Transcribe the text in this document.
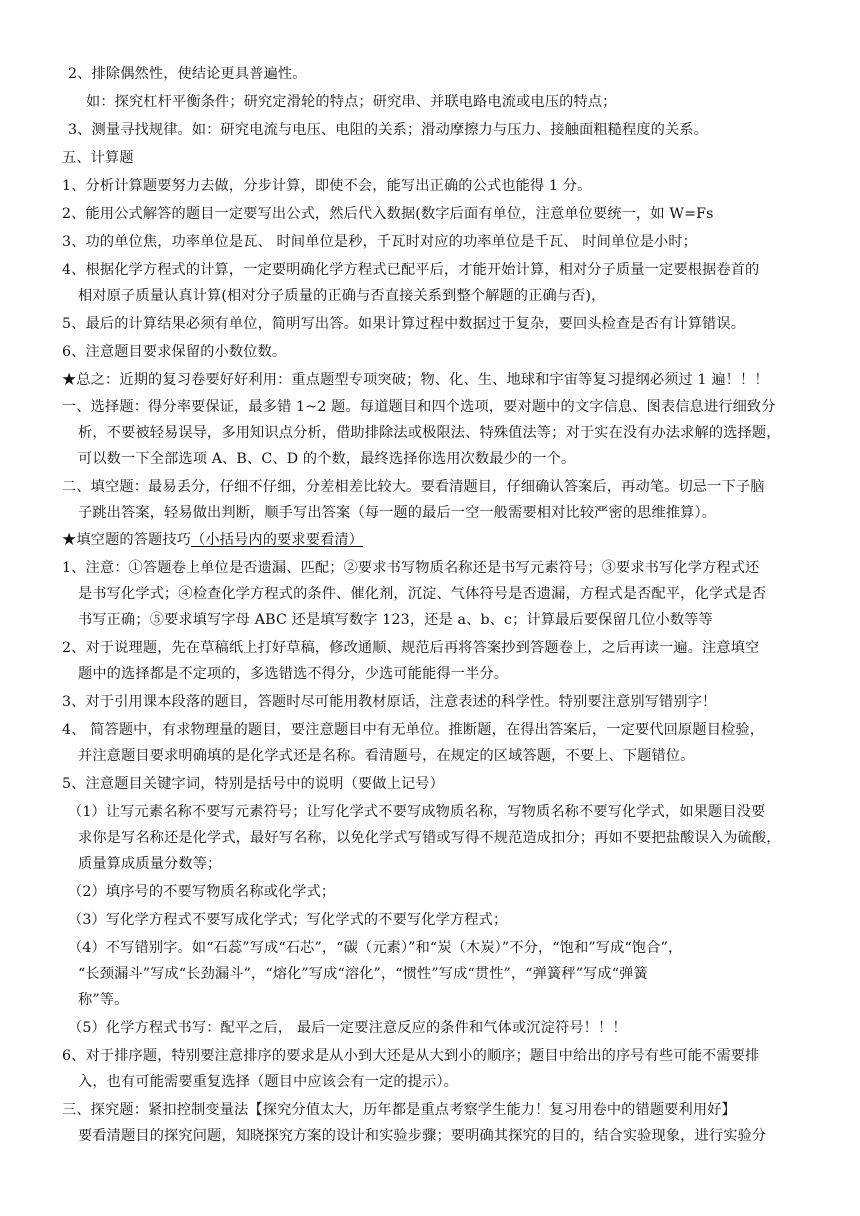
2、排除偶然性，使结论更具普遍性。
如：探究杠杆平衡条件；研究定滑轮的特点；研究串、并联电路电流或电压的特点；
3、测量寻找规律。如：研究电流与电压、电阻的关系；滑动摩擦力与压力、接触面粗糙程度的关系。
五、计算题
1、分析计算题要努力去做，分步计算，即使不会，能写出正确的公式也能得 1 分。
2、能用公式解答的题目一定要写出公式，然后代入数据(数字后面有单位，注意单位要统一，如 W=Fs
3、功的单位焦，功率单位是瓦、 时间单位是秒，千瓦时对应的功率单位是千瓦、 时间单位是小时；
4、根据化学方程式的计算，一定要明确化学方程式已配平后，才能开始计算，相对分子质量一定要根据卷首的
相对原子质量认真计算(相对分子质量的正确与否直接关系到整个解题的正确与否)，
5、最后的计算结果必须有单位，简明写出答。如果计算过程中数据过于复杂，要回头检查是否有计算错误。
6、注意题目要求保留的小数位数。
★总之：近期的复习卷要好好利用：重点题型专项突破；物、化、生、地球和宇宙等复习提纲必须过 1 遍！！！
一、选择题：得分率要保证，最多错 1~2 题。每道题目和四个选项，要对题中的文字信息、图表信息进行细致分
析，不要被轻易误导，多用知识点分析，借助排除法或极限法、特殊值法等；对于实在没有办法求解的选择题，
可以数一下全部选项 A、B、C、D 的个数，最终选择你选用次数最少的一个。
二、填空题：最易丢分，仔细不仔细，分差相差比较大。要看清题目，仔细确认答案后，再动笔。切忌一下子脑
子跳出答案，轻易做出判断，顺手写出答案（每一题的最后一空一般需要相对比较严密的思维推算）。
★填空题的答题技巧（小括号内的要求要看清）
1、注意：①答题卷上单位是否遗漏、匹配；②要求书写物质名称还是书写元素符号；③要求书写化学方程式还
是书写化学式；④检查化学方程式的条件、催化剂，沉淀、气体符号是否遗漏，方程式是否配平，化学式是否
书写正确；⑤要求填写字母 ABC 还是填写数字 123，还是 a、b、c；计算最后要保留几位小数等等
2、对于说理题，先在草稿纸上打好草稿，修改通顺、规范后再将答案抄到答题卷上，之后再读一遍。注意填空
题中的选择都是不定项的，多选错选不得分，少选可能能得一半分。
3、对于引用课本段落的题目，答题时尽可能用教材原话，注意表述的科学性。特别要注意别写错别字！
4、 简答题中，有求物理量的题目，要注意题目中有无单位。推断题，在得出答案后，一定要代回原题目检验，
并注意题目要求明确填的是化学式还是名称。看清题号，在规定的区域答题，不要上、下题错位。
5、注意题目关键字词，特别是括号中的说明（要做上记号）
（1）让写元素名称不要写元素符号；让写化学式不要写成物质名称，写物质名称不要写化学式，如果题目没要
求你是写名称还是化学式，最好写名称，以免化学式写错或写得不规范造成扣分；再如不要把盐酸误入为硫酸，
质量算成质量分数等；
（2）填序号的不要写物质名称或化学式；
（3）写化学方程式不要写成化学式；写化学式的不要写化学方程式；
（4）不写错别字。如“石蕊”写成“石芯”，“碳（元素）”和“炭（木炭）”不分，“饱和”写成“饱合”，
“长颈漏斗”写成“长劲漏斗”，“熔化”写成“溶化”，“惯性”写成“贯性”，“弹簧秤”写成“弹簧
称”等。
（5）化学方程式书写：配平之后， 最后一定要注意反应的条件和气体或沉淀符号！！！
6、对于排序题，特别要注意排序的要求是从小到大还是从大到小的顺序；题目中给出的序号有些可能不需要排
入，也有可能需要重复选择（题目中应该会有一定的提示）。
三、探究题：紧扣控制变量法【探究分值太大，历年都是重点考察学生能力！复习用卷中的错题要利用好】
要看清题目的探究问题，知晓探究方案的设计和实验步骤；要明确其探究的目的，结合实验现象，进行实验分
